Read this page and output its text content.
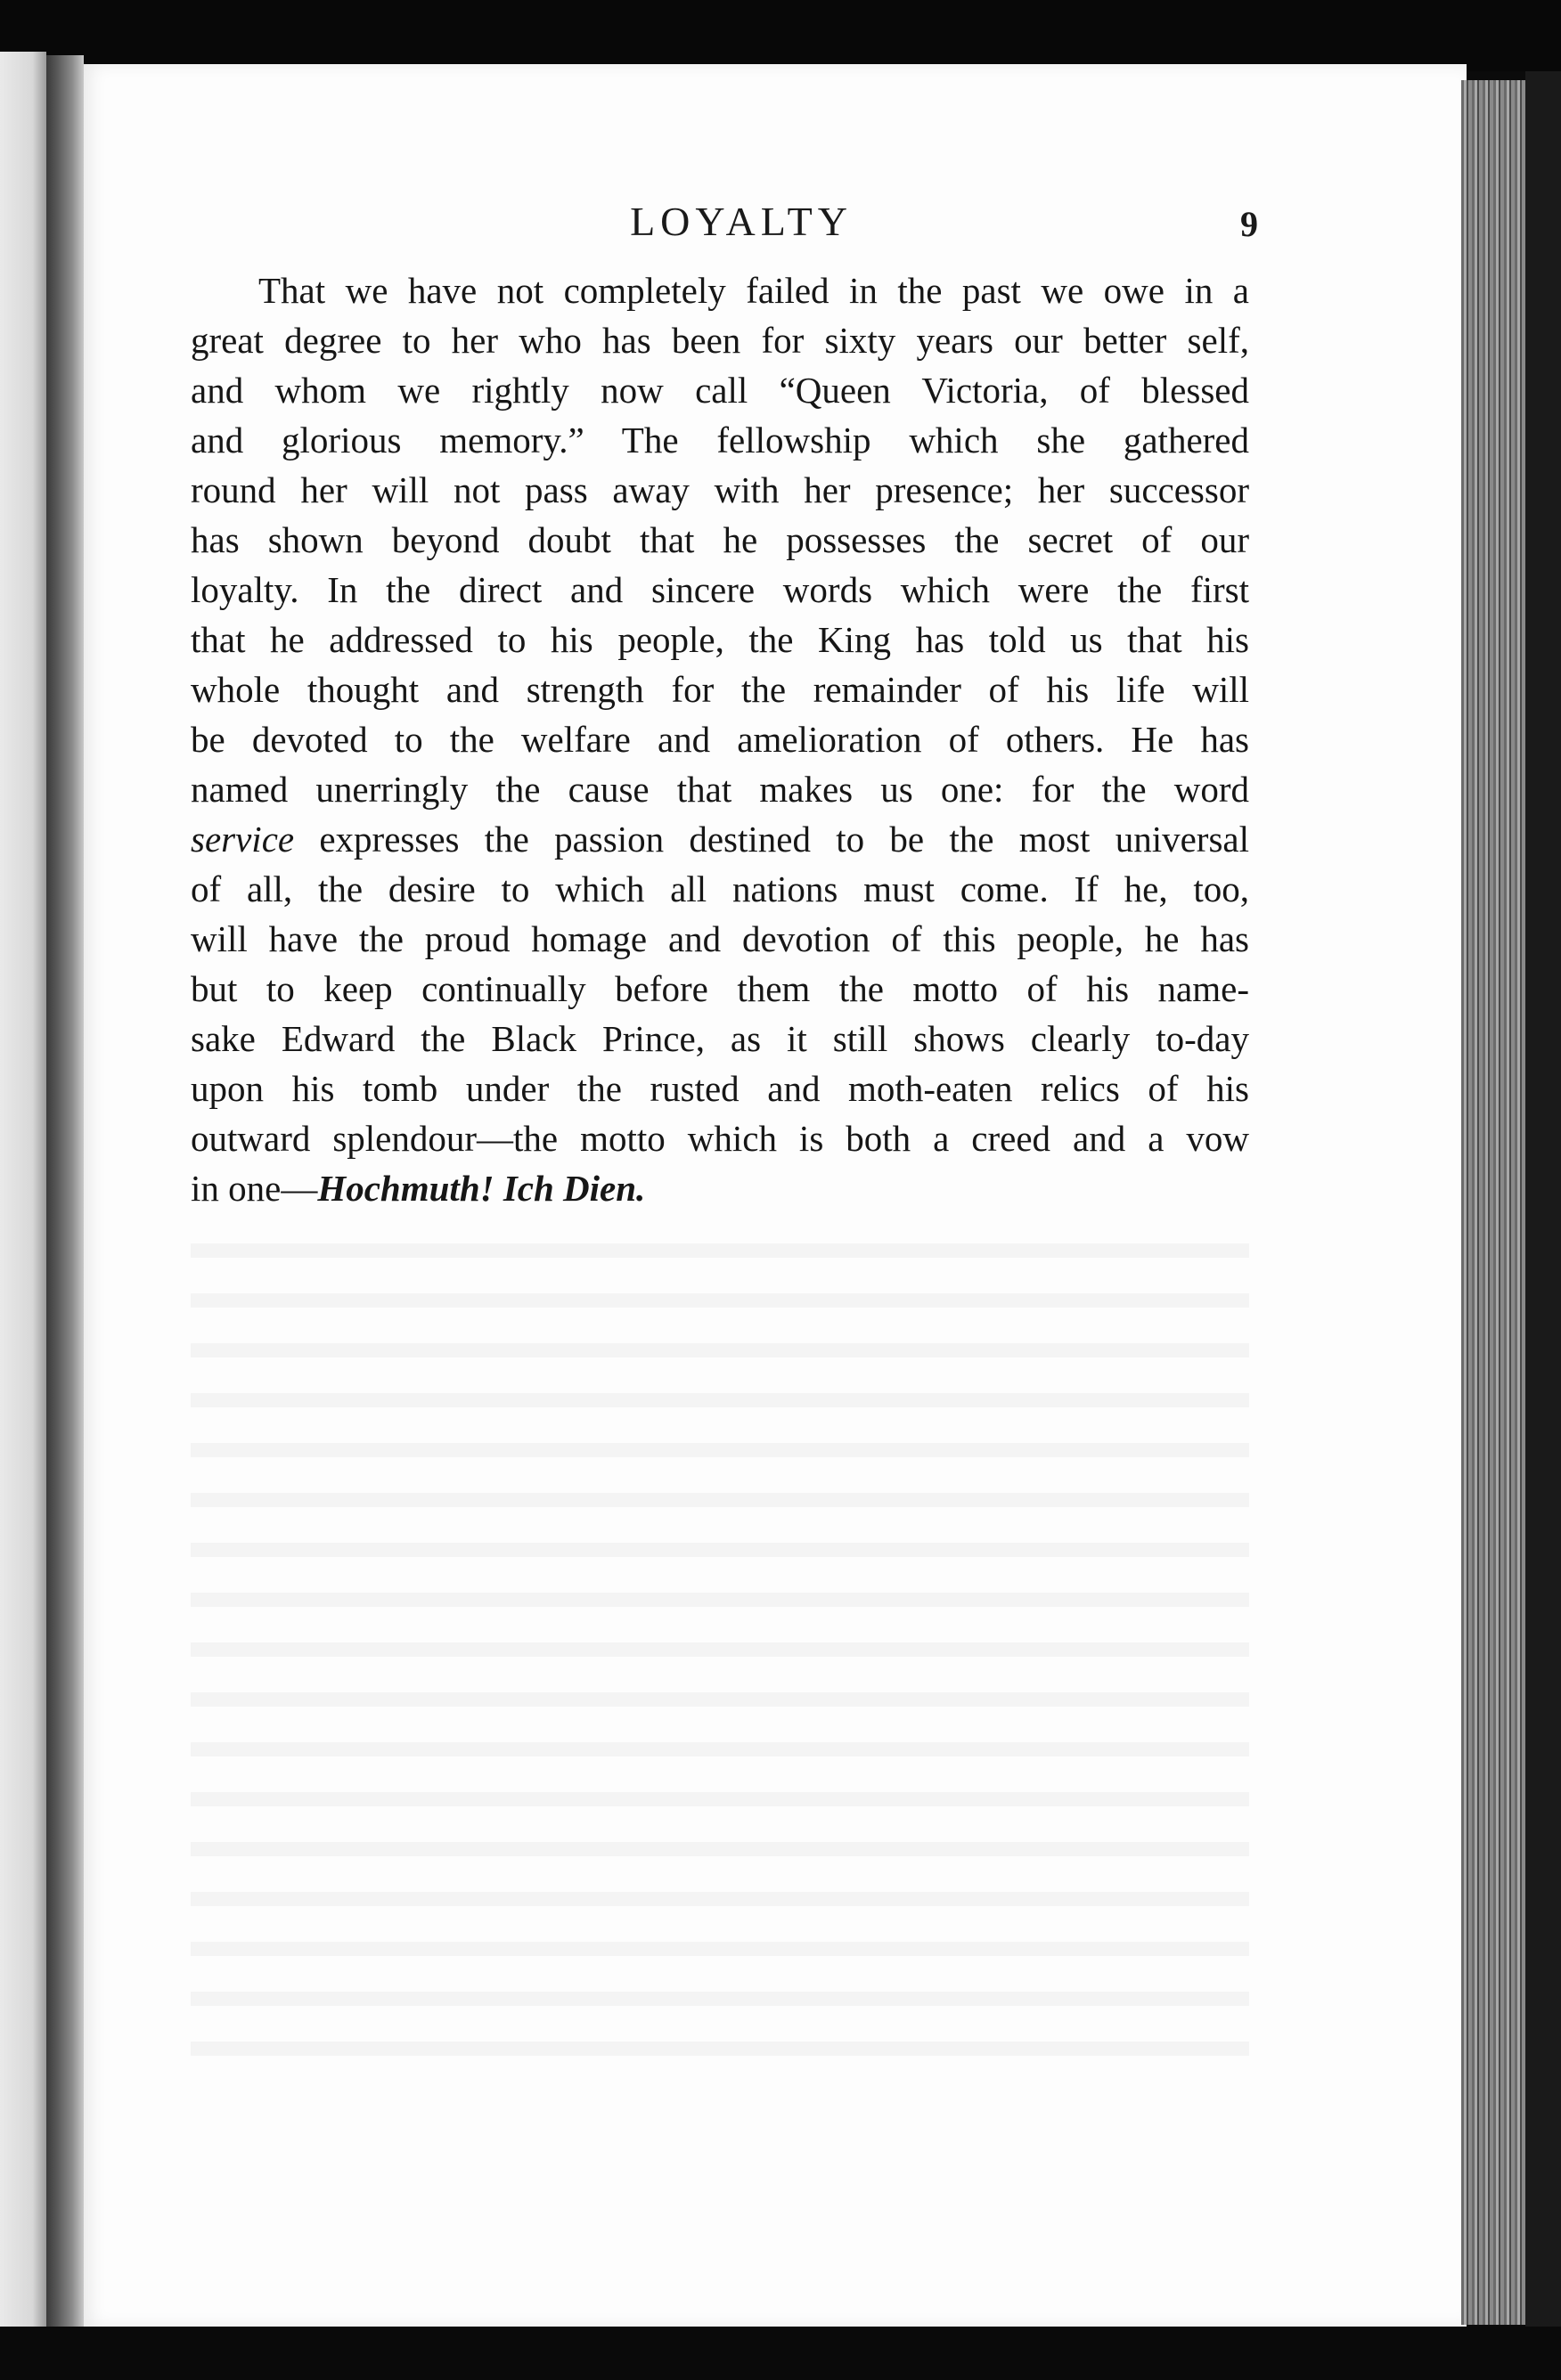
LOYALTY	9
That we have not completely failed in the past we owe in a
great degree to her who has been for sixty years our better self,
and whom we rightly now call “Queen Victoria, of blessed
and glorious memory.” The fellowship which she gathered
round her will not pass away with her presence; her successor
has shown beyond doubt that he possesses the secret of our
loyalty. In the direct and sincere words which were the first
that he addressed to his people, the King has told us that his
whole thought and strength for the remainder of his life will
be devoted to the welfare and amelioration of others. He has
named unerringly the cause that makes us one: for the word
service expresses the passion destined to be the most universal
of all, the desire to which all nations must come. If he, too,
will have the proud homage and devotion of this people, he has
but to keep continually before them the motto of his name-
sake Edward the Black Prince, as it still shows clearly to-day
upon his tomb under the rusted and moth-eaten relics of his
outward splendour—the motto which is both a creed and a vow
in one—Hochmuth! Ich Dien.
